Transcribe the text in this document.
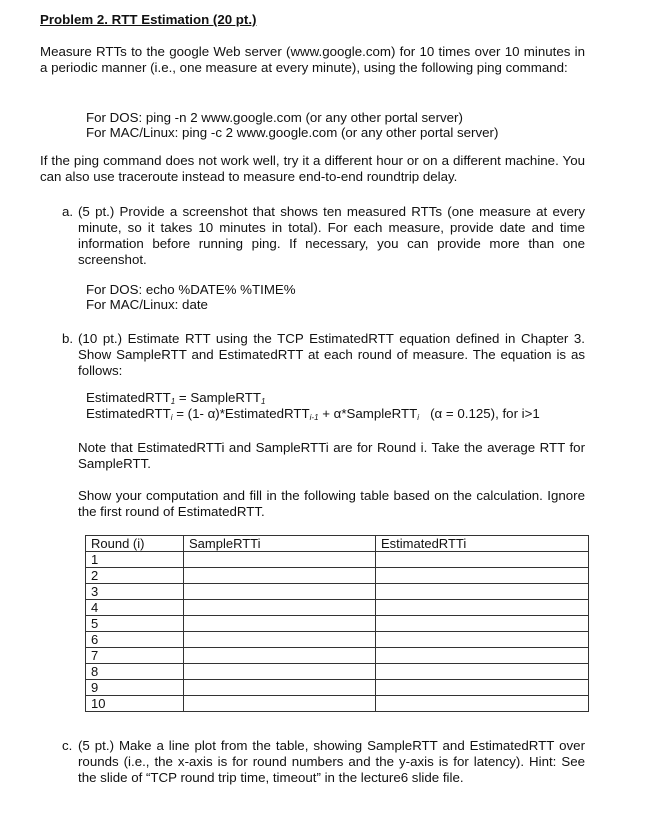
Problem 2. RTT Estimation (20 pt.)

Measure RTTs to the google Web server (www.google.com) for 10 times over 10 minutes in a periodic manner (i.e., one measure at every minute), using the following ping command:

For DOS: ping -n 2 www.google.com (or any other portal server)

For MAC/Linux: ping -c 2 www.google.com (or any other portal server)

If the ping command does not work well, try it a different hour or on a different machine. You can also use traceroute instead to measure end-to-end roundtrip delay.

a. (5 pt.) Provide a screenshot that shows ten measured RTTs (one measure at every minute, so it takes 10 minutes in total). For each measure, provide date and time information before running ping. If necessary, you can provide more than one screenshot.

For DOS: echo %DATE% %TIME%

For MAC/Linux: date

b. (10 pt.) Estimate RTT using the TCP EstimatedRTT equation defined in Chapter 3. Show SampleRTT and EstimatedRTT at each round of measure. The equation is as follows:

EstimatedRTT$_1$ = SampleRTT$_1$

EstimatedRTT$_i$ = (1- α)*EstimatedRTT$_{i-1}$ + α*SampleRTT$_i$   (α = 0.125), for i>1

Note that EstimatedRTTi and SampleRTTi are for Round i. Take the average RTT for SampleRTT.

Show your computation and fill in the following table based on the calculation. Ignore the first round of EstimatedRTT.

Round (i)	SampleRTTi	EstimatedRTTi
1		
2		
3		
4		
5		
6		
7		
8		
9		
10		
c. (5 pt.) Make a line plot from the table, showing SampleRTT and EstimatedRTT over rounds (i.e., the x-axis is for round numbers and the y-axis is for latency). Hint: See the slide of “TCP round trip time, timeout” in the lecture6 slide file.
